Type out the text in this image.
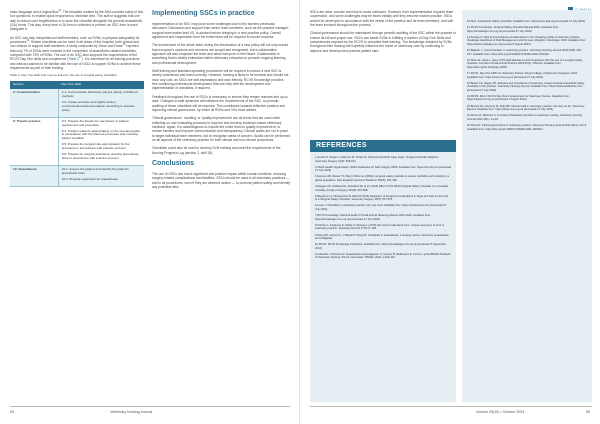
basic language and a logical flow$^{16}$. The template created by the AHA consists solely of tick-box questions, to enable quick responses to minimise time. The author suggests that one way to reduce user forgetfulness is to store the checklist alongside the general anaesthetic (GA) forms. This way, every time a GA form is collected or printed, an SSC form is used alongside it.

An SSC can help inexperienced staff members, such as SVNs, to prepare adequately for procedures$^{16}$. Similar checklists can be used in all areas of the hospital, both clinical and non-clinical, to support staff members. A study conducted by Dixon and Howe$^{16}$ reported that only 7% of SVNs were involved in the completion of anaesthetic-related checklists, compared with 73% of RVNs. The use of an SSC also supports the requirements of the RCVS Day One skills and competence (Table $2^{17}$). It is beneficial for all training practices and clinical coaches to be familiar with the use of SSCs to support SVNs to achieve these requirements as part of their training.

Table 2. Day One skills that may be linked to the use of surgical safety checklists
Section	Day One skills
2: Communication	2.1: Communicate effectively using a variety of different methods
2.2: Create accurate and legible written communications/documentation according to practice policy

8: Theatre practice	8.3: Prepare the theatre for use based on patient, requirement and procedure
8.4: Position patients appropriately on the operating table in accordance with the planned procedure and ensuring patient condition
8.5: Prepare the surgical site appropriately for the procedure in accordance with practice protocol
8.8: Prepare for surgical assistance wearing appropriate attire in accordance with practice protocol

10: Anaesthesia	10.1: Assess the patient and identify the patient's anaesthetic risks
10.2: Prepare equipment for anaesthesia
Implementing SSCs in practice

Implementation of an SSC may pose some challenges due to the barriers previously discussed. Discussion and support from senior team members, such as the practice manager, surgical team leader lead VS, is advised before bringing in a new practice policy. Overall agreement and cooperation from the entire team will be required to ensure success.

The involvement of the whole team during the introduction of a new policy will not only ensure that everyone's opinions and concerns are sought and recognised, but a collaborative approach will also empower the team and allow everyone to feel heard. Collaboration is something that is widely embedded within veterinary education to promote ongoing learning and professional development.

Staff training and standard operating procedures will be required to ensure a new SSC is clearly understood and used correctly. However, training is likely to be minimal and should not incur any cost, as SSCs are self-explanatory and user-friendly. RCVS Knowledge provides free continuing professional development that can help with the development and implementation of checklists, if required.

Feedback throughout the use of SSCs is necessary to ensure they remain relevant and up-to-date. Changes to staff dynamics will influence the requirements of the SSC, so periodic auditing of these checklists will be required. This contributes towards reflective practice and improving clinical governance, by which all RVNs and VSs must adhere.

'Clinical governance', 'auditing' or 'quality improvement' are all terms that are used when reflecting on and evaluating protocols to improve and develop evidence-based veterinary medicine. Again, it is advantageous to include the entire team in quality improvement, to reduce barriers and improve communication and transparency. Clinical audits are not in place to target individual team members, but to recognise areas of concern. Audits can be performed on all aspects of the veterinary practice for both clinical and non-clinical procedures.

Checklists could also be used to develop SVN training and meet the requirements of the Nursing Progress Log (section 2, skill 15).

Conclusions

The use of SSCs has had a significant and positive impact within human medicine, reducing surgery-related complications and fatalities. SSCs should be used in all veterinary practices — and in all procedures, even if they are deemed routine — to promote patient safety and identify any potential risks.

54	Veterinary Nursing Journal

SSCs are clear, concise and help to avoid confusion. However, their implementation requires team cooperation, and some challenges may be faced initially until they become routine practice. SSCs should be developed in accordance with the needs of the practice and its team members, and with the team involved throughout the process.

Clinical governance should be maintained through periodic auditing of the SSC within the practice to ensure its full and proper use. SSCs can assist SVNs in fulfilling a number of Day One Skills and competencies required by the RCVS to complete their training. The knowledge obtained by SVNs throughout their training will hopefully influence the future of veterinary care by continuing to improve and develop best practice patient care.

REFERENCES
1 Gruber P, Sosari J, Mokrovic M, Peretz M, Hohneck M (2012) Case study: Surgical Checklist Adoption. Veterinary Surgery 41(5): 509-514.
2 World Health Organization. WHO Guidelines for Safe Surgery 2009. Available from: https://iris.who.int [Accessed 27 July 2024]
3 Haynes AB, Weiser TG, Berry WR et al. (2009) A surgical safety checklist to reduce morbidity and mortality in a global population. New England Journal of Medicine 360(5): 491-499.
4 Haugen AS, Softeland E, Almeland SK et al. (2015) Effect of the WHO Surgical Safety Checklist on in-hospital mortality. Annals of Surgery 261(5): 821-828.
5 Bergstrom A, Dimopoulou M, Eldh M (2016) Reduction of Surgical Complications in Dogs and Cats by the Use of a Surgical Safety Checklist. Veterinary Surgery 45(5): 571-576.
6 Lowe J. Checklists in veterinary practice: why use one? Available from: https://www.bsava.com [Accessed 27 July 2024]
7 RCVS Knowledge. National Audit for Small Animal Neutering Report 2021-2024. Available from: https://knowledge.rcvs.org.uk [Accessed 27 July 2024]
8 Oxtoby C, Ferguson E, White K, Mossop L (2015) We need to talk about error: causes and types of error in veterinary practice. Veterinary Record 177(17): 438.
9 Pang DS, Iannuzzi L, Thibault P, Wong M. Checklists in anaesthesia: a scoping review. Veterinary Anaesthesia and Analgesia.
10 RCVS. RCVS Knowledge Checklists. Available from: https://knowledge.rcvs.org.uk [Accessed 5 September 2024]
11 Mansell J, Pluimers R. Anaesthesia and analgesia. In: Cooper B, Mullineaux E, Turner L (eds) BSAVA Textbook of Veterinary Nursing. 5th ed. Gloucester: BSAVA; 2020. p.433-442.
12 AHA. Anaesthetic Safety Checklist. Available from: https://www.aha.org [Accessed 27 July 2024]
13 RCVS Knowledge. Surgical Safety Checklist Manual 2023. Available from: https://knowledge.rcvs.org.uk [Accessed 27 July 2024]
14 Kersley D. Risk and compliance considerations in the changing profile of veterinary practice. Routledge Handbook of Risk Management and the Law. Abingdon: Routledge; 2023. Available from: https://www.routledge.com [Accessed 5 August 2024]
15 Baldwin L. Communication in veterinary practice. Veterinary Nursing Journal 2020;35(8): 225-227. Available from: https://doi.org/10.1080/17415349.2020.1791304
16 Dixon E, Howe L. Have SVN staff attitudes to and compliance with the use of a surgical safety checklist. Journal of Small Animal Practice 2024;61(4): 239-244. Available from: https://doi.org/10.1111/jsap.13253
17 RCVS. Day One Skills for Veterinary Nurses. Royal College of Veterinary Surgeons; 2024. Available from: https://www.rcvs.org.uk [Accessed 27 July 2024]
18 Bower TE, Hague TD. Attitudes and compliance of veterinary nurses towards anaesthetic safety checklists in UK practice. Veterinary Nursing Journal. Available from: https://www.tandfonline.com [Accessed 27 July 2024]
19 RCVS. Part 4: RCVS Day One Competences for Veterinary Nurses. Available from: https://www.rcvs.org.uk [Accessed 1 August 2024]
20 Brooks AG, Sommer M, Kelly BP. Clinical audit in veterinary practice: the story so far. Veterinary Record. Available from: https://www.rcvs.org.uk [Accessed 27 July 2024]
21 Dunne R, Morrison S. A review of feedback practices in veterinary nursing. Veterinary Nursing Journal 2021;36(1): 14-19.
22 Wood R. Clinical governance in veterinary practice. Veterinary Nursing Journal 2021;36(1): 10-13. Available from: https://doi.org/10.1080/17415349.2021.1900341
Volume 39(10) • October 2024	55
